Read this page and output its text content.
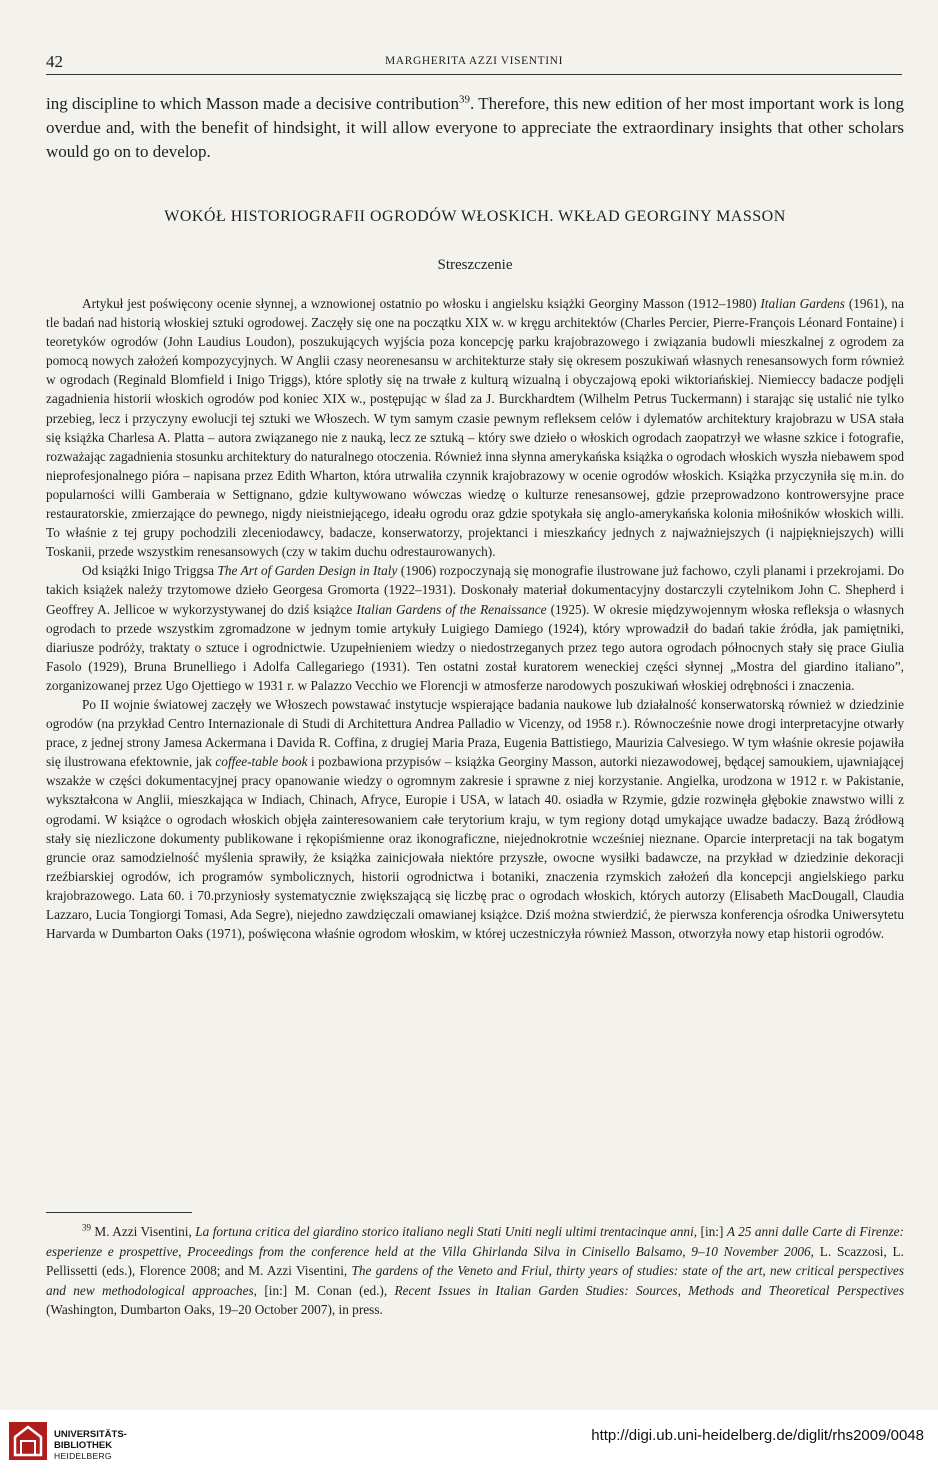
42	MARGHERITA AZZI VISENTINI

ing discipline to which Masson made a decisive contribution$^{39}$. Therefore, this new edition of her most important work is long overdue and, with the benefit of hindsight, it will allow everyone to appreciate the extraordinary insights that other scholars would go on to develop.

WOKÓŁ HISTORIOGRAFII OGRODÓW WŁOSKICH. WKŁAD GEORGINY MASSON
Streszczenie

Artykuł jest poświęcony ocenie słynnej, a wznowionej ostatnio po włosku i angielsku książki Georginy Masson (1912–1980) Italian Gardens (1961), na tle badań nad historią włoskiej sztuki ogrodowej. Zaczęły się one na początku XIX w. w kręgu architektów (Charles Percier, Pierre-François Léonard Fontaine) i teoretyków ogrodów (John Laudius Loudon), poszukujących wyjścia poza koncepcję parku krajobrazowego i związania budowli mieszkalnej z ogrodem za pomocą nowych założeń kompozycyjnych. W Anglii czasy neorenesansu w architekturze stały się okresem poszukiwań własnych renesansowych form również w ogrodach (Reginald Blomfield i Inigo Triggs), które splotły się na trwałe z kulturą wizualną i obyczajową epoki wiktoriańskiej. Niemieccy badacze podjęli zagadnienia historii włoskich ogrodów pod koniec XIX w., postępując w ślad za J. Burckhardtem (Wilhelm Petrus Tuckermann) i starając się ustalić nie tylko przebieg, lecz i przyczyny ewolucji tej sztuki we Włoszech. W tym samym czasie pewnym refleksem celów i dylematów architektury krajobrazu w USA stała się książka Charlesa A. Platta – autora związanego nie z nauką, lecz ze sztuką – który swe dzieło o włoskich ogrodach zaopatrzył we własne szkice i fotografie, rozważając zagadnienia stosunku architektury do naturalnego otoczenia. Również inna słynna amerykańska książka o ogrodach włoskich wyszła niebawem spod nieprofesjonalnego pióra – napisana przez Edith Wharton, która utrwaliła czynnik krajobrazowy w ocenie ogrodów włoskich. Książka przyczyniła się m.in. do popularności willi Gamberaia w Settignano, gdzie kultywowano wówczas wiedzę o kulturze renesansowej, gdzie przeprowadzono kontrowersyjne prace restauratorskie, zmierzające do pewnego, nigdy nieistniejącego, ideału ogrodu oraz gdzie spotykała się anglo-amerykańska kolonia miłośników włoskich willi. To właśnie z tej grupy pochodzili zleceniodawcy, badacze, konserwatorzy, projektanci i mieszkańcy jednych z najważniejszych (i najpiękniejszych) willi Toskanii, przede wszystkim renesansowych (czy w takim duchu odrestaurowanych).

Od książki Inigo Triggsa The Art of Garden Design in Italy (1906) rozpoczynają się monografie ilustrowane już fachowo, czyli planami i przekrojami. Do takich książek należy trzytomowe dzieło Georgesa Gromorta (1922–1931). Doskonały materiał dokumentacyjny dostarczyli czytelnikom John C. Shepherd i Geoffrey A. Jellicoe w wykorzystywanej do dziś książce Italian Gardens of the Renaissance (1925). W okresie międzywojennym włoska refleksja o własnych ogrodach to przede wszystkim zgromadzone w jednym tomie artykuły Luigiego Damiego (1924), który wprowadził do badań takie źródła, jak pamiętniki, diariusze podróży, traktaty o sztuce i ogrodnictwie. Uzupełnieniem wiedzy o niedostrzeganych przez tego autora ogrodach północnych stały się prace Giulia Fasolo (1929), Bruna Brunelliego i Adolfa Callegariego (1931). Ten ostatni został kuratorem weneckiej części słynnej „Mostra del giardino italiano”, zorganizowanej przez Ugo Ojettiego w 1931 r. w Palazzo Vecchio we Florencji w atmosferze narodowych poszukiwań włoskiej odrębności i znaczenia.

Po II wojnie światowej zaczęły we Włoszech powstawać instytucje wspierające badania naukowe lub działalność konserwatorską również w dziedzinie ogrodów (na przykład Centro Internazionale di Studi di Architettura Andrea Palladio w Vicenzy, od 1958 r.). Równocześnie nowe drogi interpretacyjne otwarły prace, z jednej strony Jamesa Ackermana i Davida R. Coffina, z drugiej Maria Praza, Eugenia Battistiego, Maurizia Calvesiego. W tym właśnie okresie pojawiła się ilustrowana efektownie, jak coffee-table book i pozbawiona przypisów – książka Georginy Masson, autorki niezawodowej, będącej samoukiem, ujawniającej wszakże w części dokumentacyjnej pracy opanowanie wiedzy o ogromnym zakresie i sprawne z niej korzystanie. Angielka, urodzona w 1912 r. w Pakistanie, wykształcona w Anglii, mieszkająca w Indiach, Chinach, Afryce, Europie i USA, w latach 40. osiadła w Rzymie, gdzie rozwinęła głębokie znawstwo willi z ogrodami. W książce o ogrodach włoskich objęła zainteresowaniem całe terytorium kraju, w tym regiony dotąd umykające uwadze badaczy. Bazą źródłową stały się niezliczone dokumenty publikowane i rękopiśmienne oraz ikonograficzne, niejednokrotnie wcześniej nieznane. Oparcie interpretacji na tak bogatym gruncie oraz samodzielność myślenia sprawiły, że książka zainicjowała niektóre przyszłe, owocne wysiłki badawcze, na przykład w dziedzinie dekoracji rzeźbiarskiej ogrodów, ich programów symbolicznych, historii ogrodnictwa i botaniki, znaczenia rzymskich założeń dla koncepcji angielskiego parku krajobrazowego. Lata 60. i 70.przyniosły systematycznie zwiększającą się liczbę prac o ogrodach włoskich, których autorzy (Elisabeth MacDougall, Claudia Lazzaro, Lucia Tongiorgi Tomasi, Ada Segre), niejedno zawdzięczali omawianej książce. Dziś można stwierdzić, że pierwsza konferencja ośrodka Uniwersytetu Harvarda w Dumbarton Oaks (1971), poświęcona właśnie ogrodom włoskim, w której uczestniczyła również Masson, otworzyła nowy etap historii ogrodów.

$^{39}$ M. Azzi Visentini, La fortuna critica del giardino storico italiano negli Stati Uniti negli ultimi trentacinque anni, [in:] A 25 anni dalle Carte di Firenze: esperienze e prospettive, Proceedings from the conference held at the Villa Ghirlanda Silva in Cinisello Balsamo, 9–10 November 2006, L. Scazzosi, L. Pellissetti (eds.), Florence 2008; and M. Azzi Visentini, The gardens of the Veneto and Friul, thirty years of studies: state of the art, new critical perspectives and new methodological approaches, [in:] M. Conan (ed.), Recent Issues in Italian Garden Studies: Sources, Methods and Theoretical Perspectives (Washington, Dumbarton Oaks, 19–20 October 2007), in press.

UNIVERSITÄTS-
BIBLIOTHEK
HEIDELBERG
http://digi.ub.uni-heidelberg.de/diglit/rhs2009/0048
